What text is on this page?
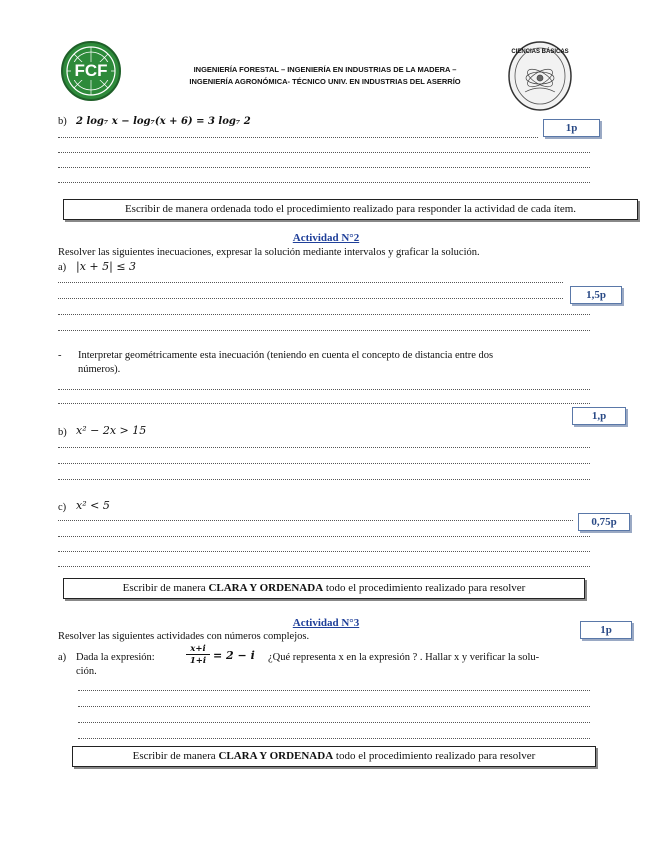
FCF	INGENIERÍA FORESTAL – INGENIERÍA EN INDUSTRIAS DE LA MADERA –
INGENIERÍA AGRONÓMICA- TÉCNICO UNIV. EN INDUSTRIAS DEL ASERRÍO
CIENCIAS BÁSICAS
b) 2 log₇ x − log₇(x + 6) = 3 log₇ 2
1p
Escribir de manera ordenada todo el procedimiento realizado para responder la actividad de cada ítem.
Actividad N°2
Resolver las siguientes inecuaciones, expresar la solución mediante intervalos y graficar la solución.
a) |x + 5| ≤ 3
1,5p
- Interpretar geométricamente esta inecuación (teniendo en cuenta el concepto de distancia entre dos
números).
1,p
b) x² − 2x > 15
c) x² < 5
0,75p
Escribir de manera CLARA Y ORDENADA todo el procedimiento realizado para resolver
Actividad N°3
1p
Resolver las siguientes actividades con números complejos.
a) Dada la expresión:
x+i
1+i = 2 − i ¿Qué representa x en la expresión ? . Hallar x y verificar la solu-
ción.
Escribir de manera CLARA Y ORDENADA todo el procedimiento realizado para resolver
